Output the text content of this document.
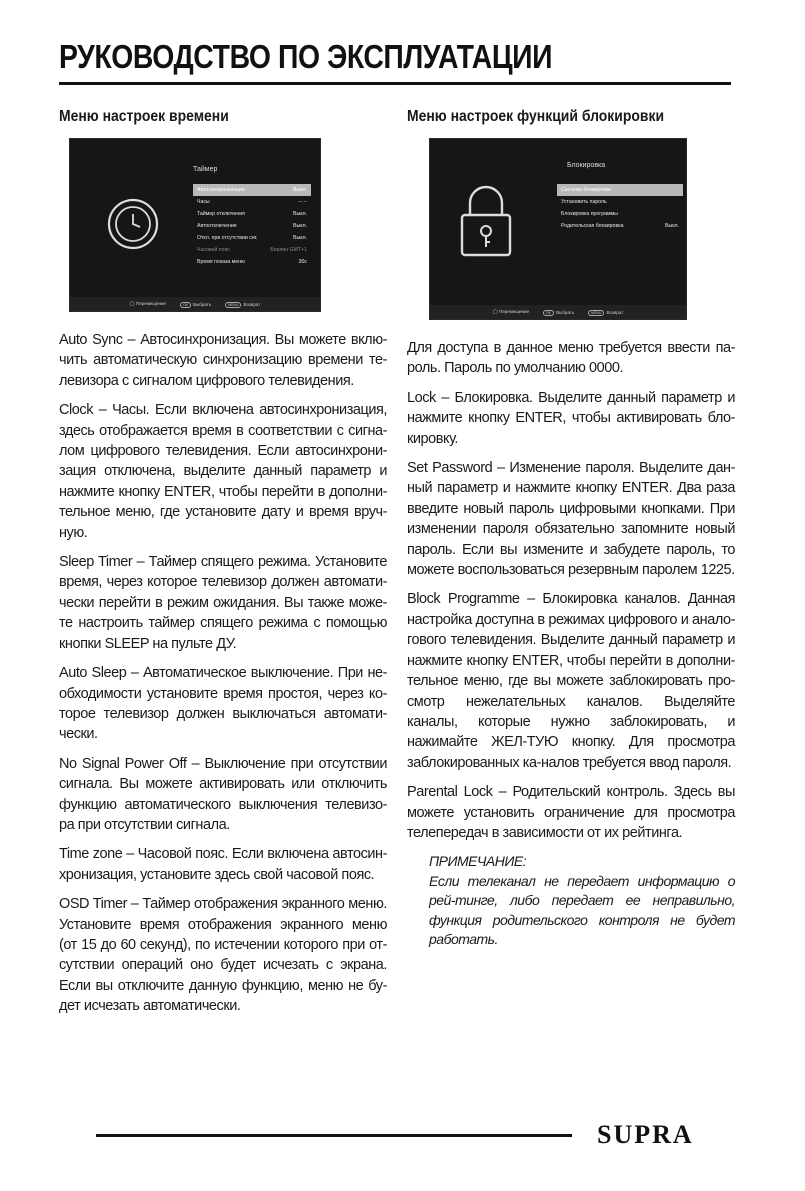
РУКОВОДСТВО ПО ЭКСПЛУАТАЦИИ
Меню настроек времени
Таймер
Автосинхронизация	Выкл.
Часы	-- --
Таймер отключения	Выкл.
Автоотключение	Выкл.
Откл. при отсутствии сиг.	Выкл.
Часовой пояс	Берлин GMT+1
Время показа меню	30с
◯ Перемещение	OK Выбрать	MENU Возврат

Auto Sync – Автосинхронизация. Вы можете вклю-чить автоматическую синхронизацию времени те-левизора с сигналом цифрового телевидения.

Clock – Часы. Если включена автосинхронизация, здесь отображается время в соответствии с сигна-лом цифрового телевидения. Если автосинхрони-зация отключена, выделите данный параметр и нажмите кнопку ENTER, чтобы перейти в дополни-тельное меню, где установите дату и время вруч-ную.

Sleep Timer – Таймер спящего режима. Установите время, через которое телевизор должен автомати-чески перейти в режим ожидания. Вы также може-те настроить таймер спящего режима с помощью кнопки SLEEP на пульте ДУ.

Auto Sleep – Автоматическое выключение. При не-обходимости установите время простоя, через ко-торое телевизор должен выключаться автомати-чески.

No Signal Power Off – Выключение при отсутствии сигнала. Вы можете активировать или отключить функцию автоматического выключения телевизо-ра при отсутствии сигнала.

Time zone – Часовой пояс. Если включена автосин-хронизация, установите здесь свой часовой пояс.

OSD Timer – Таймер отображения экранного меню. Установите время отображения экранного меню (от 15 до 60 секунд), по истечении которого при от-сутствии операций оно будет исчезать с экрана. Если вы отключите данную функцию, меню не бу-дет исчезать автоматически.

Меню настроек функций блокировки
Блокировка
Система блокировки
Установить пароль
Блокировка программы
Родительская блокировка	Выкл.
◯ Перемещение	OK Выбрать	MENU Возврат

Для доступа в данное меню требуется ввести па-роль. Пароль по умолчанию 0000.

Lock – Блокировка. Выделите данный параметр и нажмите кнопку ENTER, чтобы активировать бло-кировку.

Set Password – Изменение пароля. Выделите дан-ный параметр и нажмите кнопку ENTER. Два раза введите новый пароль цифровыми кнопками. При изменении пароля обязательно запомните новый пароль. Если вы измените и забудете пароль, то можете воспользоваться резервным паролем 1225.

Block Programme – Блокировка каналов. Данная настройка доступна в режимах цифрового и анало-гового телевидения. Выделите данный параметр и нажмите кнопку ENTER, чтобы перейти в дополни-тельное меню, где вы можете заблокировать про-смотр нежелательных каналов. Выделяйте каналы, которые нужно заблокировать, и нажимайте ЖЕЛ-ТУЮ кнопку. Для просмотра заблокированных ка-налов требуется ввод пароля.

Parental Lock – Родительский контроль. Здесь вы можете установить ограничение для просмотра телепередач в зависимости от их рейтинга.

ПРИМЕЧАНИЕ:

Если телеканал не передает информацию о рей-тинге, либо передает ее неправильно, функция родительского контроля не будет работать.

SUPRA
